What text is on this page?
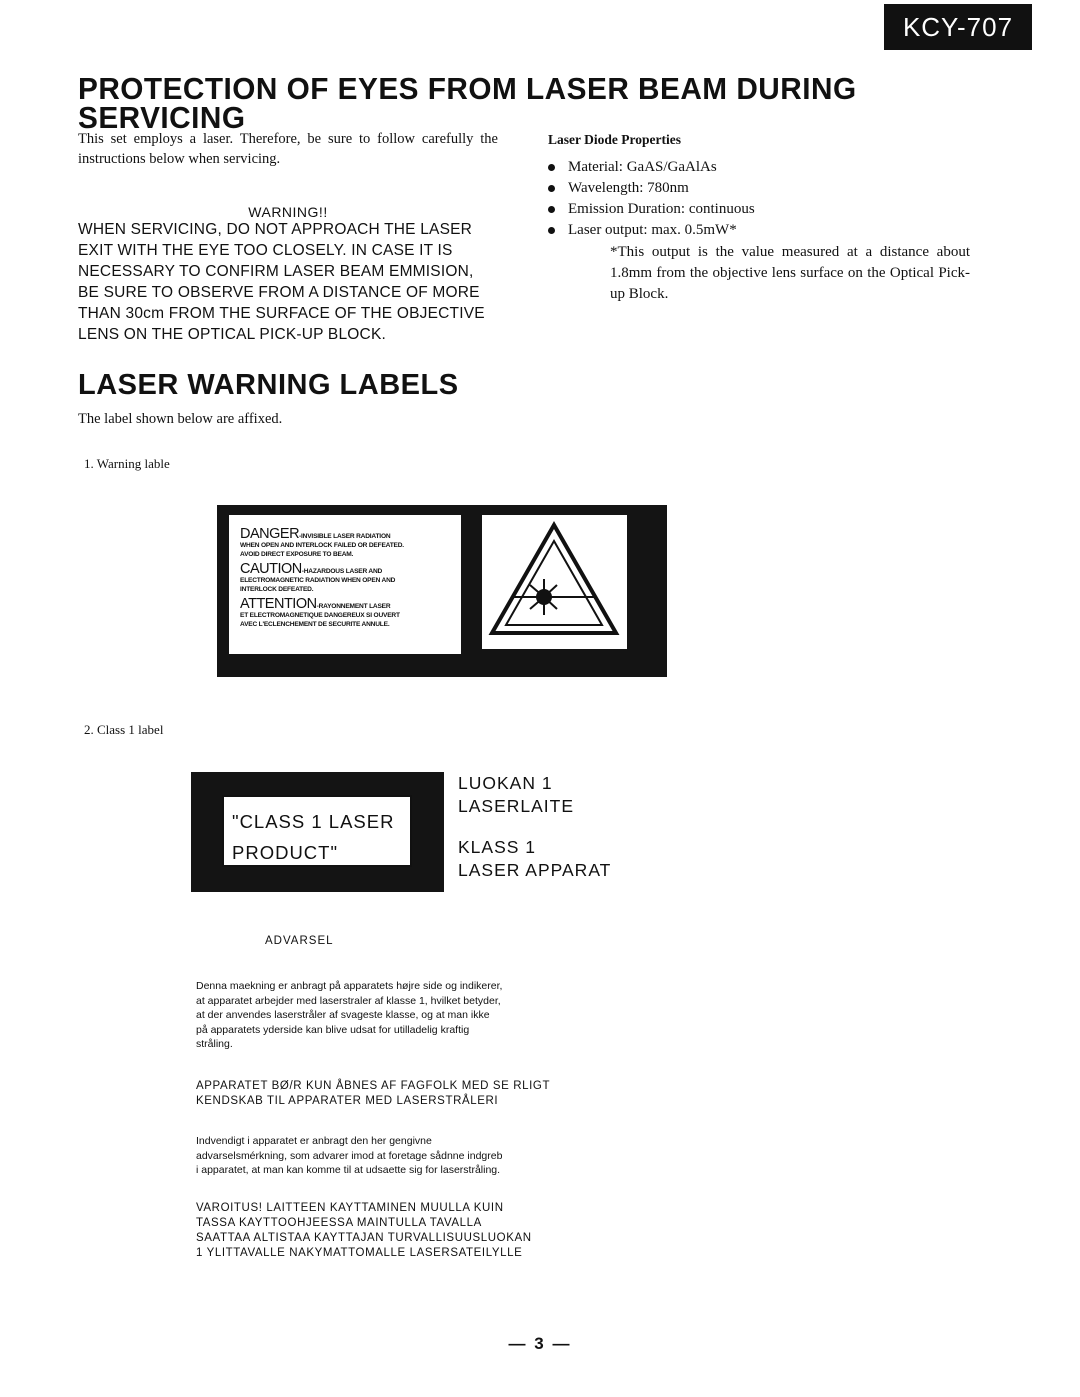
KCY-707
PROTECTION OF EYES FROM LASER BEAM DURING SERVICING
This set employs a laser. Therefore, be sure to follow carefully the instructions below when servicing.
WARNING!!
WHEN SERVICING, DO NOT APPROACH THE LASER
EXIT WITH THE EYE TOO CLOSELY. IN CASE IT IS
NECESSARY TO CONFIRM LASER BEAM EMMISION,
BE SURE TO OBSERVE FROM A DISTANCE OF MORE
THAN 30cm FROM THE SURFACE OF THE OBJECTIVE
LENS ON THE OPTICAL PICK-UP BLOCK.
Laser Diode Properties
Material: GaAS/GaAlAs
Wavelength: 780nm
Emission Duration: continuous
Laser output: max. 0.5mW*
*This output is the value measured at a distance about 1.8mm from the objective lens surface on the Optical Pick-up Block.
LASER WARNING LABELS
The label shown below are affixed.
1. Warning lable
DANGER-INVISIBLE LASER RADIATION
WHEN OPEN AND INTERLOCK FAILED OR DEFEATED.
AVOID DIRECT EXPOSURE TO BEAM.
CAUTION-HAZARDOUS LASER AND
ELECTROMAGNETIC RADIATION WHEN OPEN AND
INTERLOCK DEFEATED.
ATTENTION-RAYONNEMENT LASER
ET ELECTROMAGNETIQUE DANGEREUX SI OUVERT
AVEC L'ECLENCHEMENT DE SECURITE ANNULE.
2. Class 1 label
"CLASS 1 LASER
PRODUCT"
LUOKAN 1
LASERLAITE
KLASS 1
LASER APPARAT
ADVARSEL
Denna maekning er anbragt på apparatets højre side og indikerer,
at apparatet arbejder med laserstraler af klasse 1, hvilket betyder,
at der anvendes laserstråler af svageste klasse, og at man ikke
på apparatets yderside kan blive udsat for utilladelig kraftig
stråling.
APPARATET BØ/R KUN ÅBNES AF FAGFOLK MED SE RLIGT
KENDSKAB TIL APPARATER MED LASERSTRÅLERI
Indvendigt i apparatet er anbragt den her gengivne
advarselsmérkning, som advarer imod at foretage sådnne indgreb
i apparatet, at man kan komme til at udsaette sig for laserstråling.
VAROITUS! LAITTEEN KAYTTAMINEN MUULLA KUIN
TASSA KAYTTOOHJEESSA MAINTULLA TAVALLA
SAATTAA ALTISTAA KAYTTAJAN TURVALLISUUSLUOKAN
1 YLITTAVALLE NAKYMATTOMALLE LASERSATEILYLLE
— 3 —
